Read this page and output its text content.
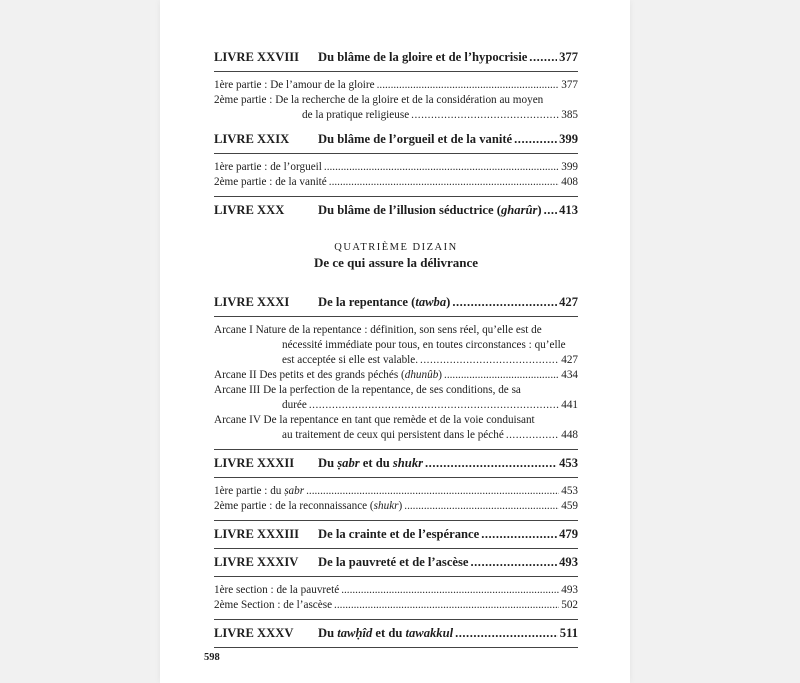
LIVRE XXVIII Du blâme de la gloire et de l’hypocrisie .....	377
1ère partie : De l’amour de la gloire .....	377
2ème partie : De la recherche de la gloire et de la considération au moyen
de la pratique religieuse .....	385
LIVRE XXIX Du blâme de l’orgueil et de la vanité .....	399
1ère partie : de l’orgueil .....	399
2ème partie : de la vanité .....	408
LIVRE XXX	Du blâme de l’illusion séductrice (gharûr) ..... 413
QUATRIÈME DIZAIN
De ce qui assure la délivrance
LIVRE XXXI De la repentance (tawba) .....	427
Arcane I Nature de la repentance : définition, son sens réel, qu’elle est de
nécessité immédiate pour tous, en toutes circonstances : qu’elle
est acceptée si elle est valable. .....	427
Arcane II Des petits et des grands péchés (dhunûb) .....	434
Arcane III De la perfection de la repentance, de ses conditions, de sa
durée .....	441
Arcane IV De la repentance en tant que remède et de la voie conduisant
au traitement de ceux qui persistent dans le péché .....	448
LIVRE XXXII Du ṣabr et du shukr .....	453
1ère partie : du ṣabr .....	453
2ème partie : de la reconnaissance (shukr) .....	459
LIVRE XXXIII De la crainte et de l’espérance .....	479
LIVRE XXXIV De la pauvreté et de l’ascèse .....	493
1ère section : de la pauvreté .....	493
2ème Section : de l’ascèse .....	502
LIVRE XXXV Du tawḥîd et du tawakkul .....	511
598
